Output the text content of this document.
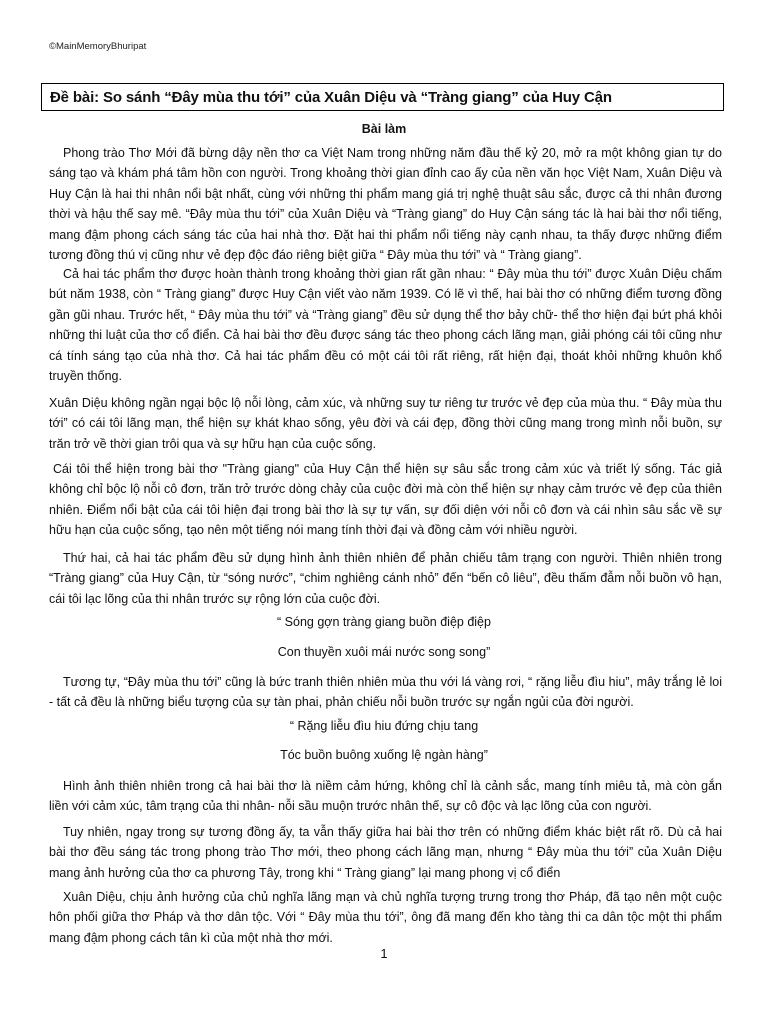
©MainMemoryBhuripat
Đề bài: So sánh “Đây mùa thu tới” của Xuân Diệu và “Tràng giang” của Huy Cận
Bài làm

Phong trào Thơ Mới đã bừng dậy nền thơ ca Việt Nam trong những năm đầu thế kỷ 20, mở ra một không gian tự do sáng tạo và khám phá tâm hồn con người. Trong khoảng thời gian đỉnh cao ấy của nền văn học Việt Nam, Xuân Diệu và Huy Cận là hai thi nhân nổi bật nhất, cùng với những thi phẩm mang giá trị nghệ thuật sâu sắc, được cả thi nhân đương thời và hậu thế say mê. “Đây mùa thu tới” của Xuân Diệu và “Tràng giang” do Huy Cận sáng tác là hai bài thơ nổi tiếng, mang đậm phong cách sáng tác của hai nhà thơ. Đặt hai thi phẩm nổi tiếng này cạnh nhau, ta thấy được những điểm tương đồng thú vị cũng như vẻ đẹp độc đáo riêng biệt giữa “ Đây mùa thu tới” và “ Tràng giang”.

Cả hai tác phẩm thơ được hoàn thành trong khoảng thời gian rất gần nhau: “ Đây mùa thu tới” được Xuân Diệu chấm bút năm 1938, còn “ Tràng giang” được Huy Cận viết vào năm 1939. Có lẽ vì thế, hai bài thơ có những điểm tương đồng gần gũi nhau. Trước hết, “ Đây mùa thu tới” và “Tràng giang” đều sử dụng thể thơ bảy chữ- thể thơ hiện đại bứt phá khỏi những thi luật của thơ cổ điển. Cả hai bài thơ đều được sáng tác theo phong cách lãng mạn, giải phóng cái tôi cũng như cá tính sáng tạo của nhà thơ. Cả hai tác phẩm đều có một cái tôi rất riêng, rất hiện đại, thoát khỏi những khuôn khổ truyền thống.

Xuân Diệu không ngần ngại bộc lộ nỗi lòng, cảm xúc, và những suy tư riêng tư trước vẻ đẹp của mùa thu. “ Đây mùa thu tới” có cái tôi lãng mạn, thể hiện sự khát khao sống, yêu đời và cái đẹp, đồng thời cũng mang trong mình nỗi buồn, sự trăn trở về thời gian trôi qua và sự hữu hạn của cuộc sống.

Cái tôi thể hiện trong bài thơ "Tràng giang" của Huy Cận thể hiện sự sâu sắc trong cảm xúc và triết lý sống. Tác giả không chỉ bộc lộ nỗi cô đơn, trăn trở trước dòng chảy của cuộc đời mà còn thể hiện sự nhạy cảm trước vẻ đẹp của thiên nhiên. Điểm nổi bật của cái tôi hiện đại trong bài thơ là sự tự vấn, sự đối diện với nỗi cô đơn và cái nhìn sâu sắc về sự hữu hạn của cuộc sống, tạo nên một tiếng nói mang tính thời đại và đồng cảm với nhiều người.

Thứ hai, cả hai tác phẩm đều sử dụng hình ảnh thiên nhiên để phản chiếu tâm trạng con người. Thiên nhiên trong “Tràng giang” của Huy Cận, từ “sóng nước”, “chim nghiêng cánh nhỏ” đến “bến cô liêu”, đều thấm đẫm nỗi buồn vô hạn, cái tôi lạc lõng của thi nhân trước sự rộng lớn của cuộc đời.

“ Sóng gợn tràng giang buồn điệp điệp
Con thuyền xuôi mái nước song song”

Tương tự, “Đây mùa thu tới” cũng là bức tranh thiên nhiên mùa thu với lá vàng rơi, “ rặng liễu đìu hiu”, mây trắng lẻ loi - tất cả đều là những biểu tượng của sự tàn phai, phản chiếu nỗi buồn trước sự ngắn ngủi của đời người.

“ Rặng liễu đìu hiu đứng chịu tang
Tóc buồn buông xuống lệ ngàn hàng”

Hình ảnh thiên nhiên trong cả hai bài thơ là niềm cảm hứng, không chỉ là cảnh sắc, mang tính miêu tả, mà còn gắn liền với cảm xúc, tâm trạng của thi nhân- nỗi sầu muộn trước nhân thế, sự cô độc và lạc lõng của con người.

Tuy nhiên, ngay trong sự tương đồng ấy, ta vẫn thấy giữa hai bài thơ trên có những điểm khác biệt rất rõ. Dù cả hai bài thơ đều sáng tác trong phong trào Thơ mới, theo phong cách lãng mạn, nhưng “ Đây mùa thu tới” của Xuân Diệu mang ảnh hưởng của thơ ca phương Tây, trong khi “ Tràng giang” lại mang phong vị cổ điển

Xuân Diệu, chịu ảnh hưởng của chủ nghĩa lãng mạn và chủ nghĩa tượng trưng trong thơ Pháp, đã tạo nên một cuộc hôn phối giữa thơ Pháp và thơ dân tộc. Với “ Đây mùa thu tới”, ông đã mang đến kho tàng thi ca dân tộc một thi phẩm mang đậm phong cách tân kì của một nhà thơ mới.

1
